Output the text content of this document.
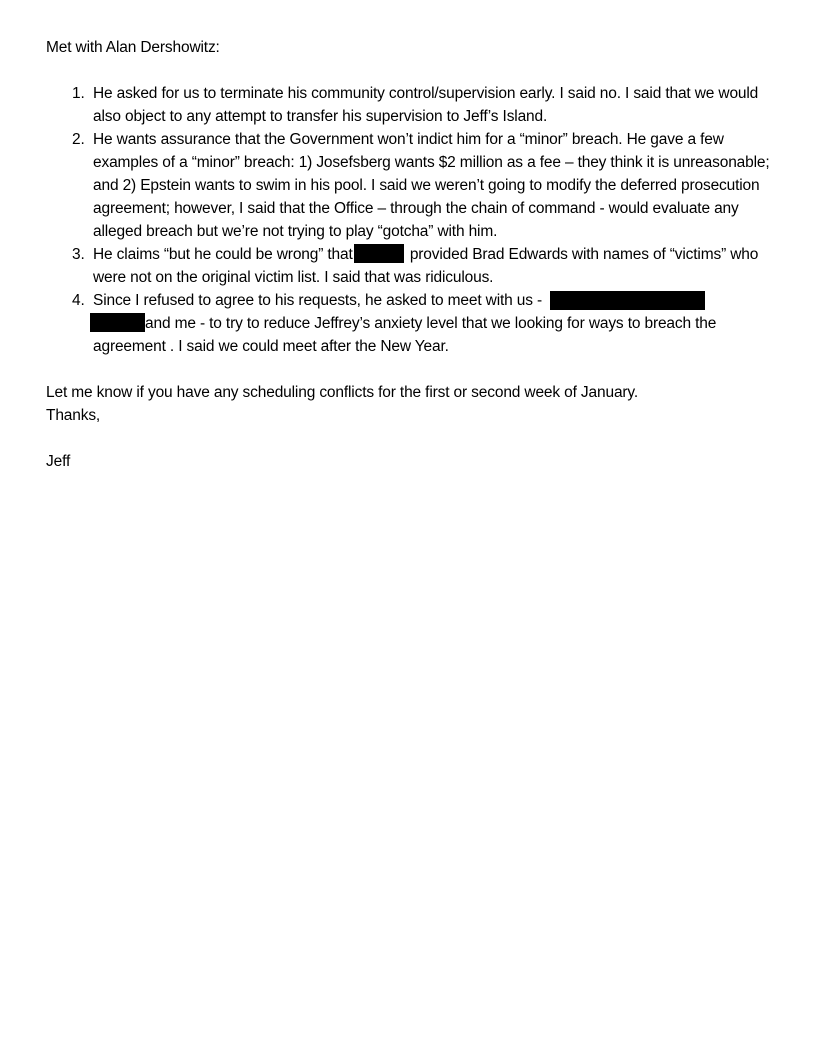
Met with Alan Dershowitz:

1. He asked for us to terminate his community control/supervision early. I said no. I said that we would also object to any attempt to transfer his supervision to Jeff’s Island.
2. He wants assurance that the Government won’t indict him for a “minor” breach. He gave a few examples of a “minor” breach: 1) Josefsberg wants $2 million as a fee – they think it is unreasonable; and 2) Epstein wants to swim in his pool. I said we weren’t going to modify the deferred prosecution agreement; however, I said that the Office – through the chain of command - would evaluate any alleged breach but we’re not trying to play “gotcha” with him.
3. He claims “but he could be wrong” that	provided Brad Edwards with names of “victims” who were not on the original victim list. I said that was ridiculous.
4. Since I refused to agree to his requests, he asked to meet with us -
and me - to try to reduce Jeffrey’s anxiety level that we looking for ways to breach the agreement . I said we could meet after the New Year.

Let me know if you have any scheduling conflicts for the first or second week of January.

Thanks,

Jeff
